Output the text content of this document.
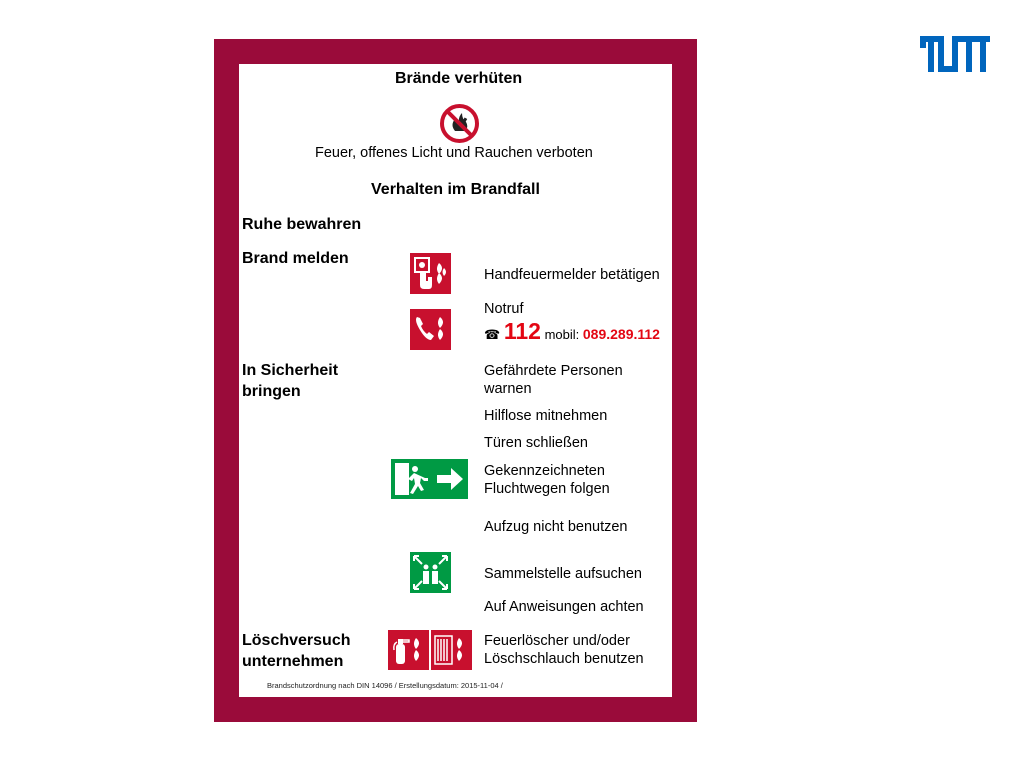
Brände verhüten
Feuer, offenes Licht und Rauchen verboten
Verhalten im Brandfall
Ruhe bewahren
Brand melden
Handfeuermelder betätigen
Notruf
☎ 112 mobil: 089.289.112
In Sicherheit
bringen
Gefährdete Personen
warnen
Hilflose mitnehmen
Türen schließen
Gekennzeichneten
Fluchtwegen folgen
Aufzug nicht benutzen
Sammelstelle aufsuchen
Auf Anweisungen achten
Löschversuch
unternehmen
Feuerlöscher und/oder
Löschschlauch benutzen
Brandschutzordnung nach DIN 14096 / Erstellungsdatum: 2015-11-04 /
